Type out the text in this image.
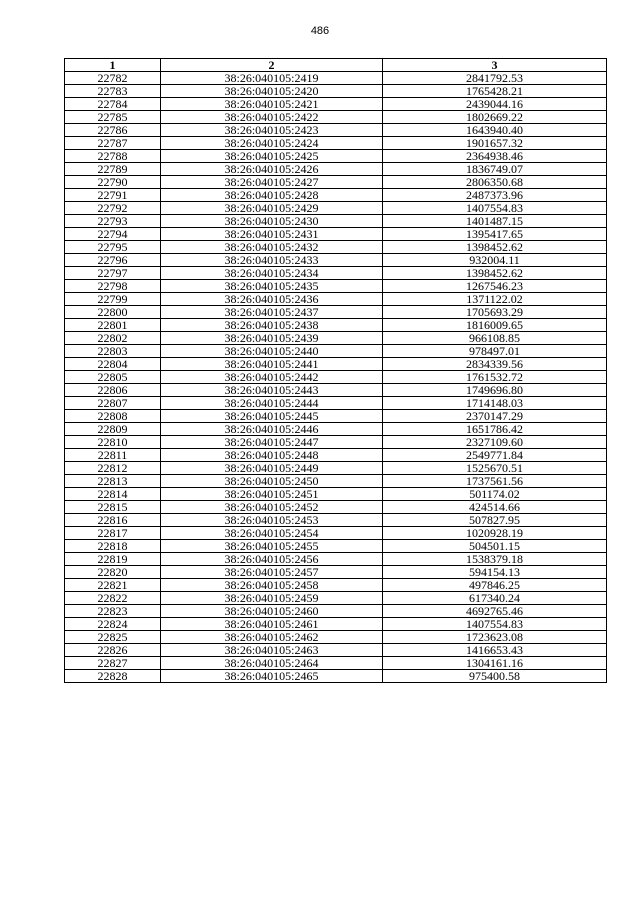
486
1	2	3
22782	38:26:040105:2419	2841792.53
22783	38:26:040105:2420	1765428.21
22784	38:26:040105:2421	2439044.16
22785	38:26:040105:2422	1802669.22
22786	38:26:040105:2423	1643940.40
22787	38:26:040105:2424	1901657.32
22788	38:26:040105:2425	2364938.46
22789	38:26:040105:2426	1836749.07
22790	38:26:040105:2427	2806350.68
22791	38:26:040105:2428	2487373.96
22792	38:26:040105:2429	1407554.83
22793	38:26:040105:2430	1401487.15
22794	38:26:040105:2431	1395417.65
22795	38:26:040105:2432	1398452.62
22796	38:26:040105:2433	932004.11
22797	38:26:040105:2434	1398452.62
22798	38:26:040105:2435	1267546.23
22799	38:26:040105:2436	1371122.02
22800	38:26:040105:2437	1705693.29
22801	38:26:040105:2438	1816009.65
22802	38:26:040105:2439	966108.85
22803	38:26:040105:2440	978497.01
22804	38:26:040105:2441	2834339.56
22805	38:26:040105:2442	1761532.72
22806	38:26:040105:2443	1749696.80
22807	38:26:040105:2444	1714148.03
22808	38:26:040105:2445	2370147.29
22809	38:26:040105:2446	1651786.42
22810	38:26:040105:2447	2327109.60
22811	38:26:040105:2448	2549771.84
22812	38:26:040105:2449	1525670.51
22813	38:26:040105:2450	1737561.56
22814	38:26:040105:2451	501174.02
22815	38:26:040105:2452	424514.66
22816	38:26:040105:2453	507827.95
22817	38:26:040105:2454	1020928.19
22818	38:26:040105:2455	504501.15
22819	38:26:040105:2456	1538379.18
22820	38:26:040105:2457	594154.13
22821	38:26:040105:2458	497846.25
22822	38:26:040105:2459	617340.24
22823	38:26:040105:2460	4692765.46
22824	38:26:040105:2461	1407554.83
22825	38:26:040105:2462	1723623.08
22826	38:26:040105:2463	1416653.43
22827	38:26:040105:2464	1304161.16
22828	38:26:040105:2465	975400.58
